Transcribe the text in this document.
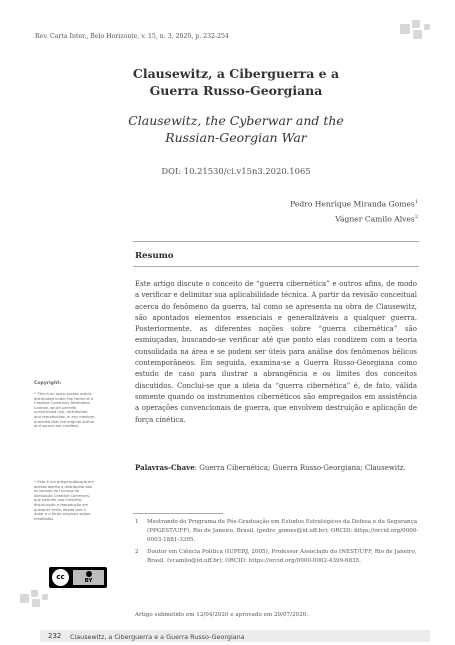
Rev. Carta Inter., Belo Horizonte, v. 15, n. 3, 2020, p. 232-254
Clausewitz, a Ciberguerra e a
Guerra Russo-Georgiana
Clausewitz, the Cyberwar and the
Russian-Georgian War
DOI: 10.21530/ci.v15n3.2020.1065
Pedro Henrique Miranda Gomes$^1$
Vágner Camilo Alves$^2$
Resumo

Este artigo discute o conceito de “guerra cibernética” e outros afins, de modo a verificar e delimitar sua aplicabilidade técnica. A partir da revisão conceitual acerca do fenômeno da guerra, tal como se apresenta na obra de Clausewitz, são apontados elementos essenciais e generalizáveis a qualquer guerra. Posteriormente, as diferentes noções sobre “guerra cibernética” são esmiuçadas, buscando-se verificar até que ponto elas condizem com a teoria consolidada na área e se podem ser úteis para análise dos fenômenos bélicos contemporâneos. Em seguida, examina-se a Guerra Russo-Georgiana como estudo de caso para ilustrar a abrangência e os limites dos conceitos discutidos. Conclui-se que a ideia da “guerra cibernética” é, de fato, válida somente quando os instrumentos cibernéticos são empregados em assistência a operações convencionais de guerra, que envolvem destruição e aplicação de força cinética.

Palavras-Chave: Guerra Cibernética; Guerra Russo-Georgiana; Clausewitz.
Copyright:
• This is an open-access article distributed under the terms of a Creative Commons Attribution License, which permits unrestricted use, distribution, and reproduction in any medium, provided that the original author and source are credited.
• Este é um artigo publicado em acesso aberto e distribuído sob os termos da Licença de Atribuição Creative Commons, que permite uso irrestrito, distribuição e reprodução em qualquer meio, desde que o autor e a fonte originais sejam creditados.
cc	BY
1 Mestrando do Programa de Pós-Graduação em Estudos Estratégicos da Defesa e da Segurança (PPGEST/UFF), Rio de Janeiro, Brasil. (pedro_gomes@id.uff.br); ORCID: https://orcid.org/0000-0003-1881-3395.
2 Doutor em Ciência Política (IUPERJ, 2005), Professor Associado do INEST/UFF, Rio de Janeiro, Brasil. (vcamilo@id.uff.br); ORCID: https://orcid.org/0000-0002-4399-6835.
Artigo submetido em 12/04/2020 e aprovado em 29/07/2020.
232 Clausewitz, a Ciberguerra e a Guerra Russo-Georgiana
